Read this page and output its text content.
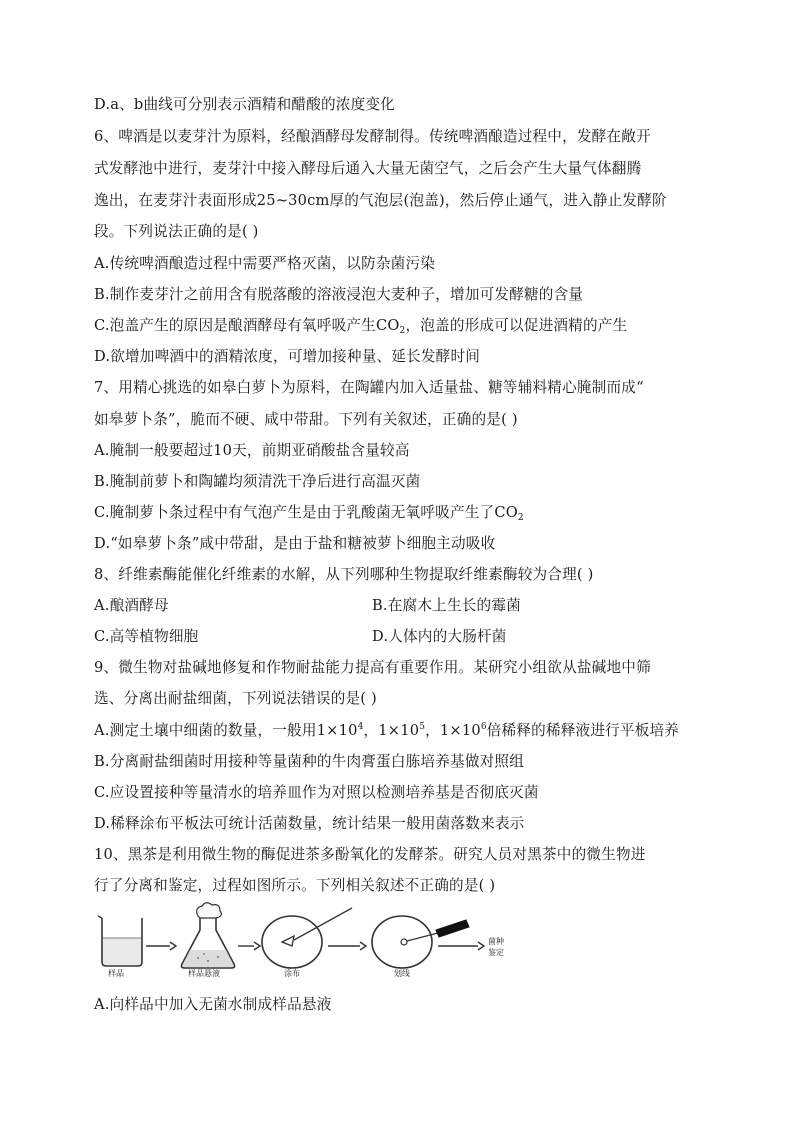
D.a、b曲线可分别表示酒精和醋酸的浓度变化
6、啤酒是以麦芽汁为原料，经酿酒酵母发酵制得。传统啤酒酿造过程中，发酵在敞开
式发酵池中进行，麦芽汁中接入酵母后通入大量无菌空气，之后会产生大量气体翻腾
逸出，在麦芽汁表面形成25~30cm厚的气泡层(泡盖)，然后停止通气，进入静止发酵阶
段。下列说法正确的是( )
A.传统啤酒酿造过程中需要严格灭菌，以防杂菌污染
B.制作麦芽汁之前用含有脱落酸的溶液浸泡大麦种子，增加可发酵糖的含量
C.泡盖产生的原因是酿酒酵母有氧呼吸产生$CO_2$，泡盖的形成可以促进酒精的产生
D.欲增加啤酒中的酒精浓度，可增加接种量、延长发酵时间
7、用精心挑选的如皋白萝卜为原料，在陶罐内加入适量盐、糖等辅料精心腌制而成“
如皋萝卜条”，脆而不硬、咸中带甜。下列有关叙述，正确的是( )
A.腌制一般要超过10天，前期亚硝酸盐含量较高
B.腌制前萝卜和陶罐均须清洗干净后进行高温灭菌
C.腌制萝卜条过程中有气泡产生是由于乳酸菌无氧呼吸产生了$CO_2$
D.“如皋萝卜条”咸中带甜，是由于盐和糖被萝卜细胞主动吸收
8、纤维素酶能催化纤维素的水解，从下列哪种生物提取纤维素酶较为合理( )
A.酿酒酵母	B.在腐木上生长的霉菌
C.高等植物细胞	D.人体内的大肠杆菌
9、微生物对盐碱地修复和作物耐盐能力提高有重要作用。某研究小组欲从盐碱地中筛
选、分离出耐盐细菌，下列说法错误的是( )
A.测定土壤中细菌的数量，一般用$1\times 10^4$，$1\times 10^5$，$1\times 10^6$倍稀释的稀释液进行平板培养
B.分离耐盐细菌时用接种等量菌种的牛肉膏蛋白胨培养基做对照组
C.应设置接种等量清水的培养皿作为对照以检测培养基是否彻底灭菌
D.稀释涂布平板法可统计活菌数量，统计结果一般用菌落数来表示
10、黑茶是利用微生物的酶促进茶多酚氧化的发酵茶。研究人员对黑茶中的微生物进
行了分离和鉴定，过程如图所示。下列相关叙述不正确的是( )
样品	样品悬液	涂布	划线
菌种
鉴定
A.向样品中加入无菌水制成样品悬液
